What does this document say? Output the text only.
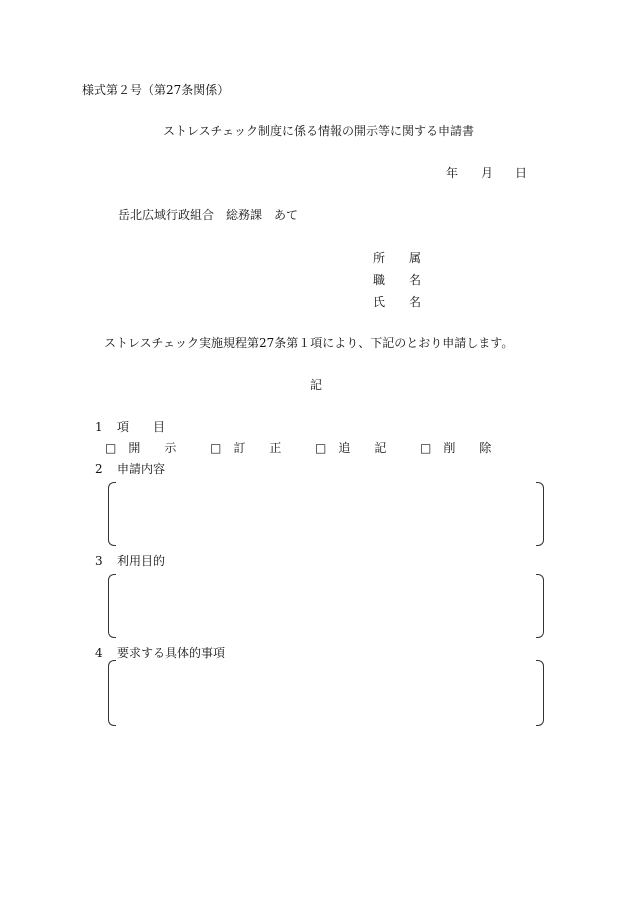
様式第２号（第27条関係）
ストレスチェック制度に係る情報の開示等に関する申請書
年 月 日
岳北広域行政組合　総務課　あて
所　　属
職　　名
氏　　名
ストレスチェック実施規程第27条第１項により、下記のとおり申請します。
記
1 項　　目
□　開　　示	□　訂　　正	□　追　　記	□　削　　除
2 申請内容
3 利用目的
4 要求する具体的事項
